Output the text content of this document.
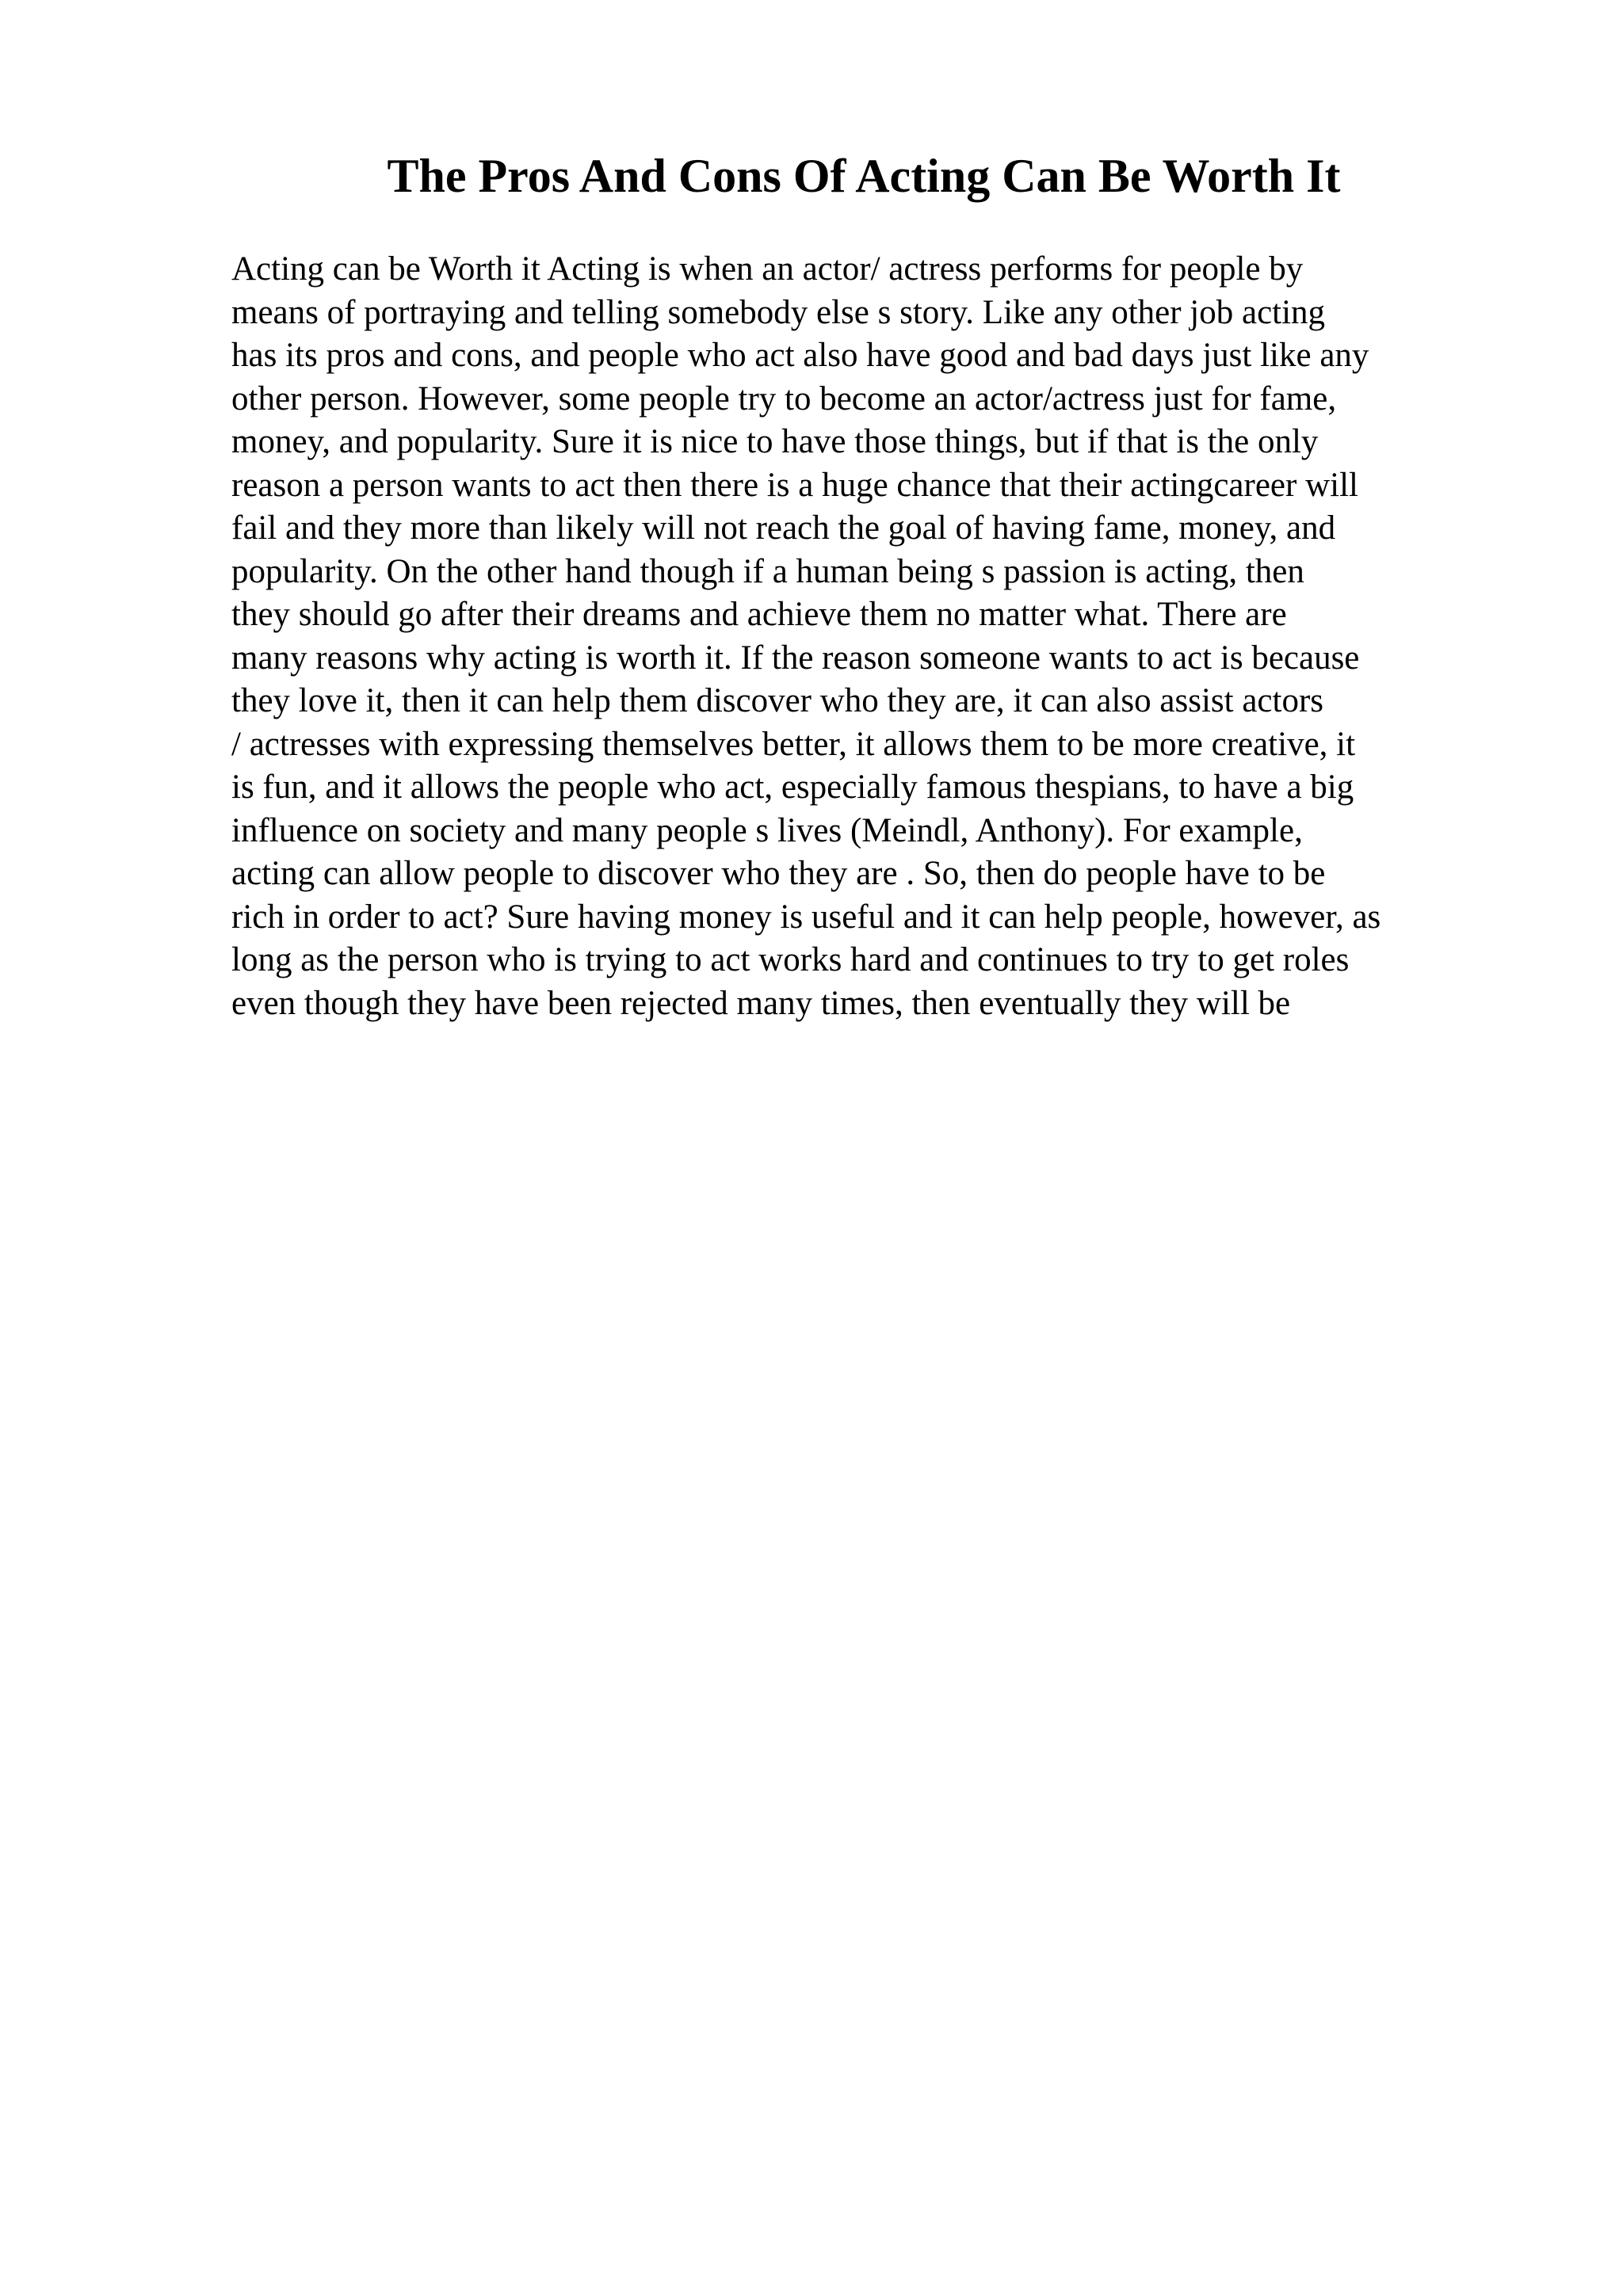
The Pros And Cons Of Acting Can Be Worth It
Acting can be Worth it Acting is when an actor/ actress performs for people by
means of portraying and telling somebody else s story. Like any other job acting
has its pros and cons, and people who act also have good and bad days just like any
other person. However, some people try to become an actor/actress just for fame,
money, and popularity. Sure it is nice to have those things, but if that is the only
reason a person wants to act then there is a huge chance that their actingcareer will
fail and they more than likely will not reach the goal of having fame, money, and
popularity. On the other hand though if a human being s passion is acting, then
they should go after their dreams and achieve them no matter what. There are
many reasons why acting is worth it. If the reason someone wants to act is because
they love it, then it can help them discover who they are, it can also assist actors
/ actresses with expressing themselves better, it allows them to be more creative, it
is fun, and it allows the people who act, especially famous thespians, to have a big
influence on society and many people s lives (Meindl, Anthony). For example,
acting can allow people to discover who they are . So, then do people have to be
rich in order to act? Sure having money is useful and it can help people, however, as
long as the person who is trying to act works hard and continues to try to get roles
even though they have been rejected many times, then eventually they will be
